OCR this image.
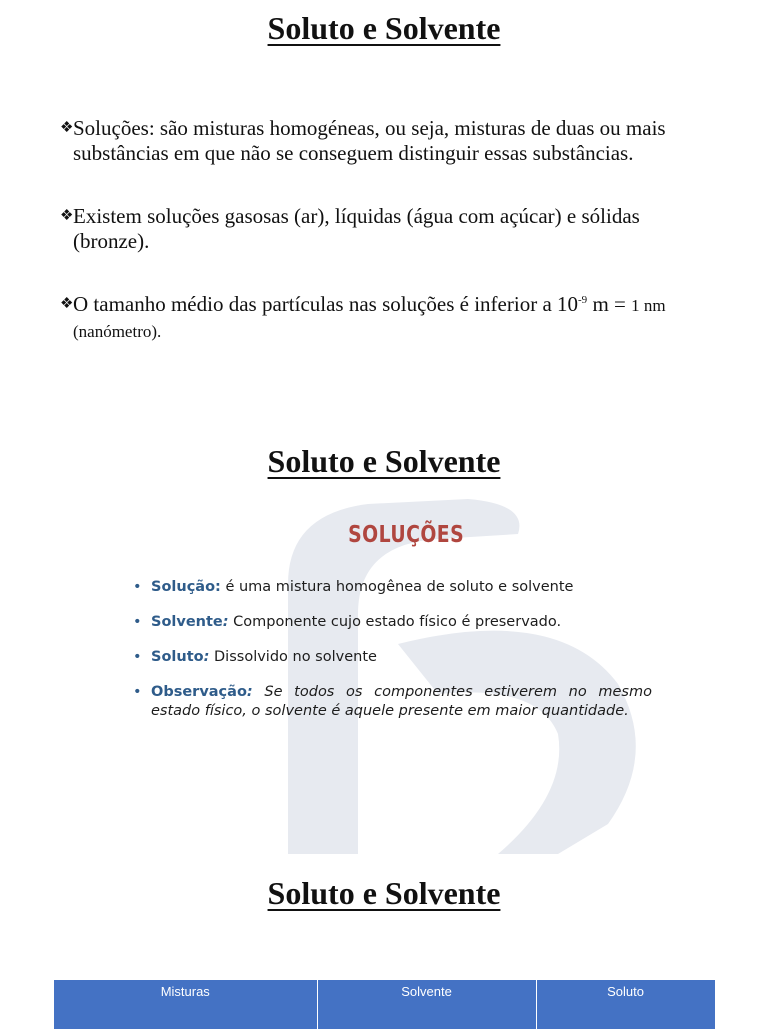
Soluto e Solvente
❖ Soluções: são misturas homogéneas, ou seja, misturas de duas ou mais substâncias em que não se conseguem distinguir essas substâncias.
❖ Existem soluções gasosas (ar), líquidas (água com açúcar) e sólidas (bronze).
❖ O tamanho médio das partículas nas soluções é inferior a $10^{-9}$ m = 1 nm (nanómetro).
Soluto e Solvente
SOLUÇÕES
• Solução: é uma mistura homogênea de soluto e solvente
• Solvente: Componente cujo estado físico é preservado.
• Soluto: Dissolvido no solvente
• Observação: Se todos os componentes estiverem no mesmo estado físico, o solvente é aquele presente em maior quantidade.
Soluto e Solvente
Misturas	Solvente	Soluto
